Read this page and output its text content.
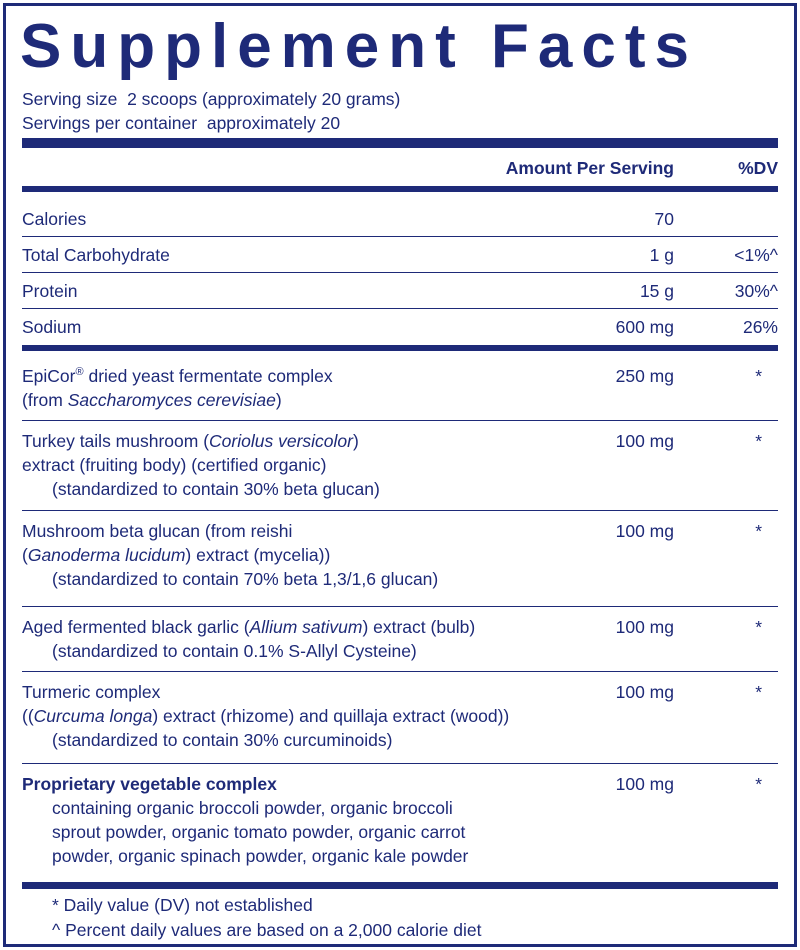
Supplement Facts
Serving size 2 scoops (approximately 20 grams)
Servings per container approximately 20
Amount Per Serving	%DV
Calories	70
Total Carbohydrate	1 g	<1%^
Protein	15 g	30%^
Sodium	600 mg	26%
EpiCor® dried yeast fermentate complex
(from Saccharomyces cerevisiae)
250 mg	*
Turkey tails mushroom (Coriolus versicolor)
extract (fruiting body) (certified organic)
(standardized to contain 30% beta glucan)
100 mg	*
Mushroom beta glucan (from reishi
(Ganoderma lucidum) extract (mycelia))
(standardized to contain 70% beta 1,3/1,6 glucan)
100 mg	*
Aged fermented black garlic (Allium sativum) extract (bulb)
(standardized to contain 0.1% S-Allyl Cysteine)
100 mg	*
Turmeric complex
((Curcuma longa) extract (rhizome) and quillaja extract (wood))
(standardized to contain 30% curcuminoids)
100 mg	*
Proprietary vegetable complex
containing organic broccoli powder, organic broccoli
sprout powder, organic tomato powder, organic carrot
powder, organic spinach powder, organic kale powder
100 mg	*
* Daily value (DV) not established
^ Percent daily values are based on a 2,000 calorie diet
